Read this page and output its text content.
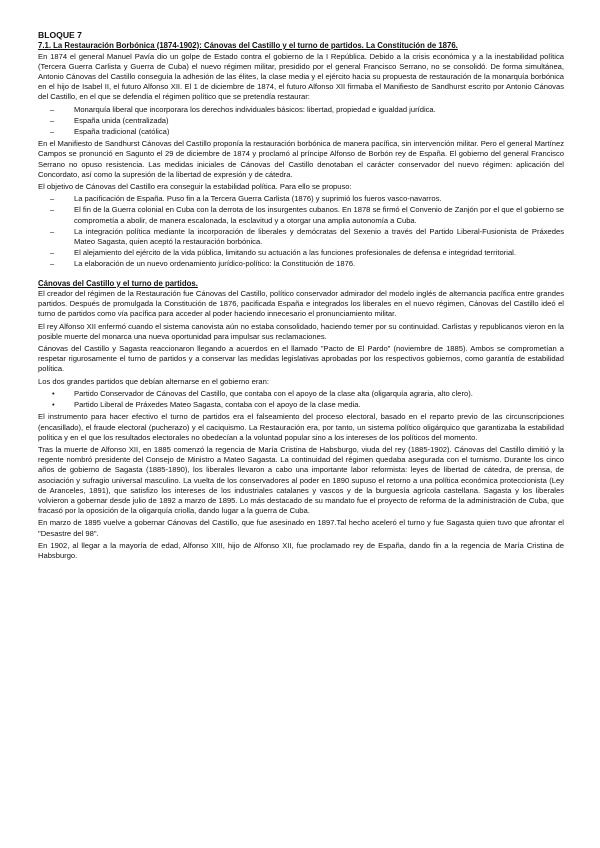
BLOQUE 7
7.1. La Restauración Borbónica (1874-1902): Cánovas del Castillo y el turno de partidos. La Constitución de 1876.

En 1874 el general Manuel Pavía dio un golpe de Estado contra el gobierno de la I República. Debido a la crisis económica y a la inestabilidad política (Tercera Guerra Carlista y Guerra de Cuba) el nuevo régimen militar, presidido por el general Francisco Serrano, no se consolidó. De forma simultánea, Antonio Cánovas del Castillo conseguía la adhesión de las élites, la clase media y el ejército hacia su propuesta de restauración de la monarquía borbónica en el hijo de Isabel II, el futuro Alfonso XII. El 1 de diciembre de 1874, el futuro Alfonso XII firmaba el Manifiesto de Sandhurst escrito por Antonio Cánovas del Castillo, en el que se defendía el régimen político que se pretendía restaurar:

–	Monarquía liberal que incorporara los derechos individuales básicos: libertad, propiedad e igualdad jurídica.
–	España unida (centralizada)
–	España tradicional (católica)

En el Manifiesto de Sandhurst Cánovas del Castillo proponía la restauración borbónica de manera pacífica, sin intervención militar. Pero el general Martínez Campos se pronunció en Sagunto el 29 de diciembre de 1874 y proclamó al príncipe Alfonso de Borbón rey de España. El gobierno del general Francisco Serrano no opuso resistencia. Las medidas iniciales de Cánovas del Castillo denotaban el carácter conservador del nuevo régimen: aplicación del Concordato, así como la supresión de la libertad de expresión y de cátedra.

El objetivo de Cánovas del Castillo era conseguir la estabilidad política. Para ello se propuso:

–	La pacificación de España. Puso fin a la Tercera Guerra Carlista (1876) y suprimió los fueros vasco-navarros.
–	El fin de la Guerra colonial en Cuba con la derrota de los insurgentes cubanos. En 1878 se firmó el Convenio de Zanjón por el que el gobierno se comprometía a abolir, de manera escalonada, la esclavitud y a otorgar una amplia autonomía a Cuba.
–	La integración política mediante la incorporación de liberales y demócratas del Sexenio a través del Partido Liberal-Fusionista de Práxedes Mateo Sagasta, quien aceptó la restauración borbónica.
–	El alejamiento del ejército de la vida pública, limitando su actuación a las funciones profesionales de defensa e integridad territorial.
–	La elaboración de un nuevo ordenamiento jurídico-político: la Constitución de 1876.
Cánovas del Castillo y el turno de partidos.

El creador del régimen de la Restauración fue Cánovas del Castillo, político conservador admirador del modelo inglés de alternancia pacífica entre grandes partidos. Después de promulgada la Constitución de 1876, pacificada España e integrados los liberales en el nuevo régimen, Cánovas del Castillo ideó el turno de partidos como vía pacífica para acceder al poder haciendo innecesario el pronunciamiento militar.

El rey Alfonso XII enfermó cuando el sistema canovista aún no estaba consolidado, haciendo temer por su continuidad. Carlistas y republicanos vieron en la posible muerte del monarca una nueva oportunidad para impulsar sus reclamaciones.

Cánovas del Castillo y Sagasta reaccionaron llegando a acuerdos en el llamado "Pacto de El Pardo" (noviembre de 1885). Ambos se comprometían a respetar rigurosamente el turno de partidos y a conservar las medidas legislativas aprobadas por los respectivos gobiernos, como garantía de estabilidad política.

Los dos grandes partidos que debían alternarse en el gobierno eran:

•	Partido Conservador de Cánovas del Castillo, que contaba con el apoyo de la clase alta (oligarquía agraria, alto clero).
•	Partido Liberal de Práxedes Mateo Sagasta, contaba con el apoyo de la clase media.

El instrumento para hacer efectivo el turno de partidos era el falseamiento del proceso electoral, basado en el reparto previo de las circunscripciones (encasillado), el fraude electoral (pucherazo) y el caciquismo. La Restauración era, por tanto, un sistema político oligárquico que garantizaba la estabilidad política y en el que los resultados electorales no obedecían a la voluntad popular sino a los intereses de los políticos del momento.

Tras la muerte de Alfonso XII, en 1885 comenzó la regencia de María Cristina de Habsburgo, viuda del rey (1885-1902). Cánovas del Castillo dimitió y la regente nombró presidente del Consejo de Ministro a Mateo Sagasta. La continuidad del régimen quedaba asegurada con el turnismo. Durante los cinco años de gobierno de Sagasta (1885-1890), los liberales llevaron a cabo una importante labor reformista: leyes de libertad de cátedra, de prensa, de asociación y sufragio universal masculino. La vuelta de los conservadores al poder en 1890 supuso el retorno a una política económica proteccionista (Ley de Aranceles, 1891), que satisfizo los intereses de los industriales catalanes y vascos y de la burguesía agrícola castellana. Sagasta y los liberales volvieron a gobernar desde julio de 1892 a marzo de 1895. Lo más destacado de su mandato fue el proyecto de reforma de la administración de Cuba, que fracasó por la oposición de la oligarquía criolla, dando lugar a la guerra de Cuba.

En marzo de 1895 vuelve a gobernar Cánovas del Castillo, que fue asesinado en 1897.Tal hecho aceleró el turno y fue Sagasta quien tuvo que afrontar el "Desastre del 98".

En 1902, al llegar a la mayoría de edad, Alfonso XIII, hijo de Alfonso XII, fue proclamado rey de España, dando fin a la regencia de María Cristina de Habsburgo.
